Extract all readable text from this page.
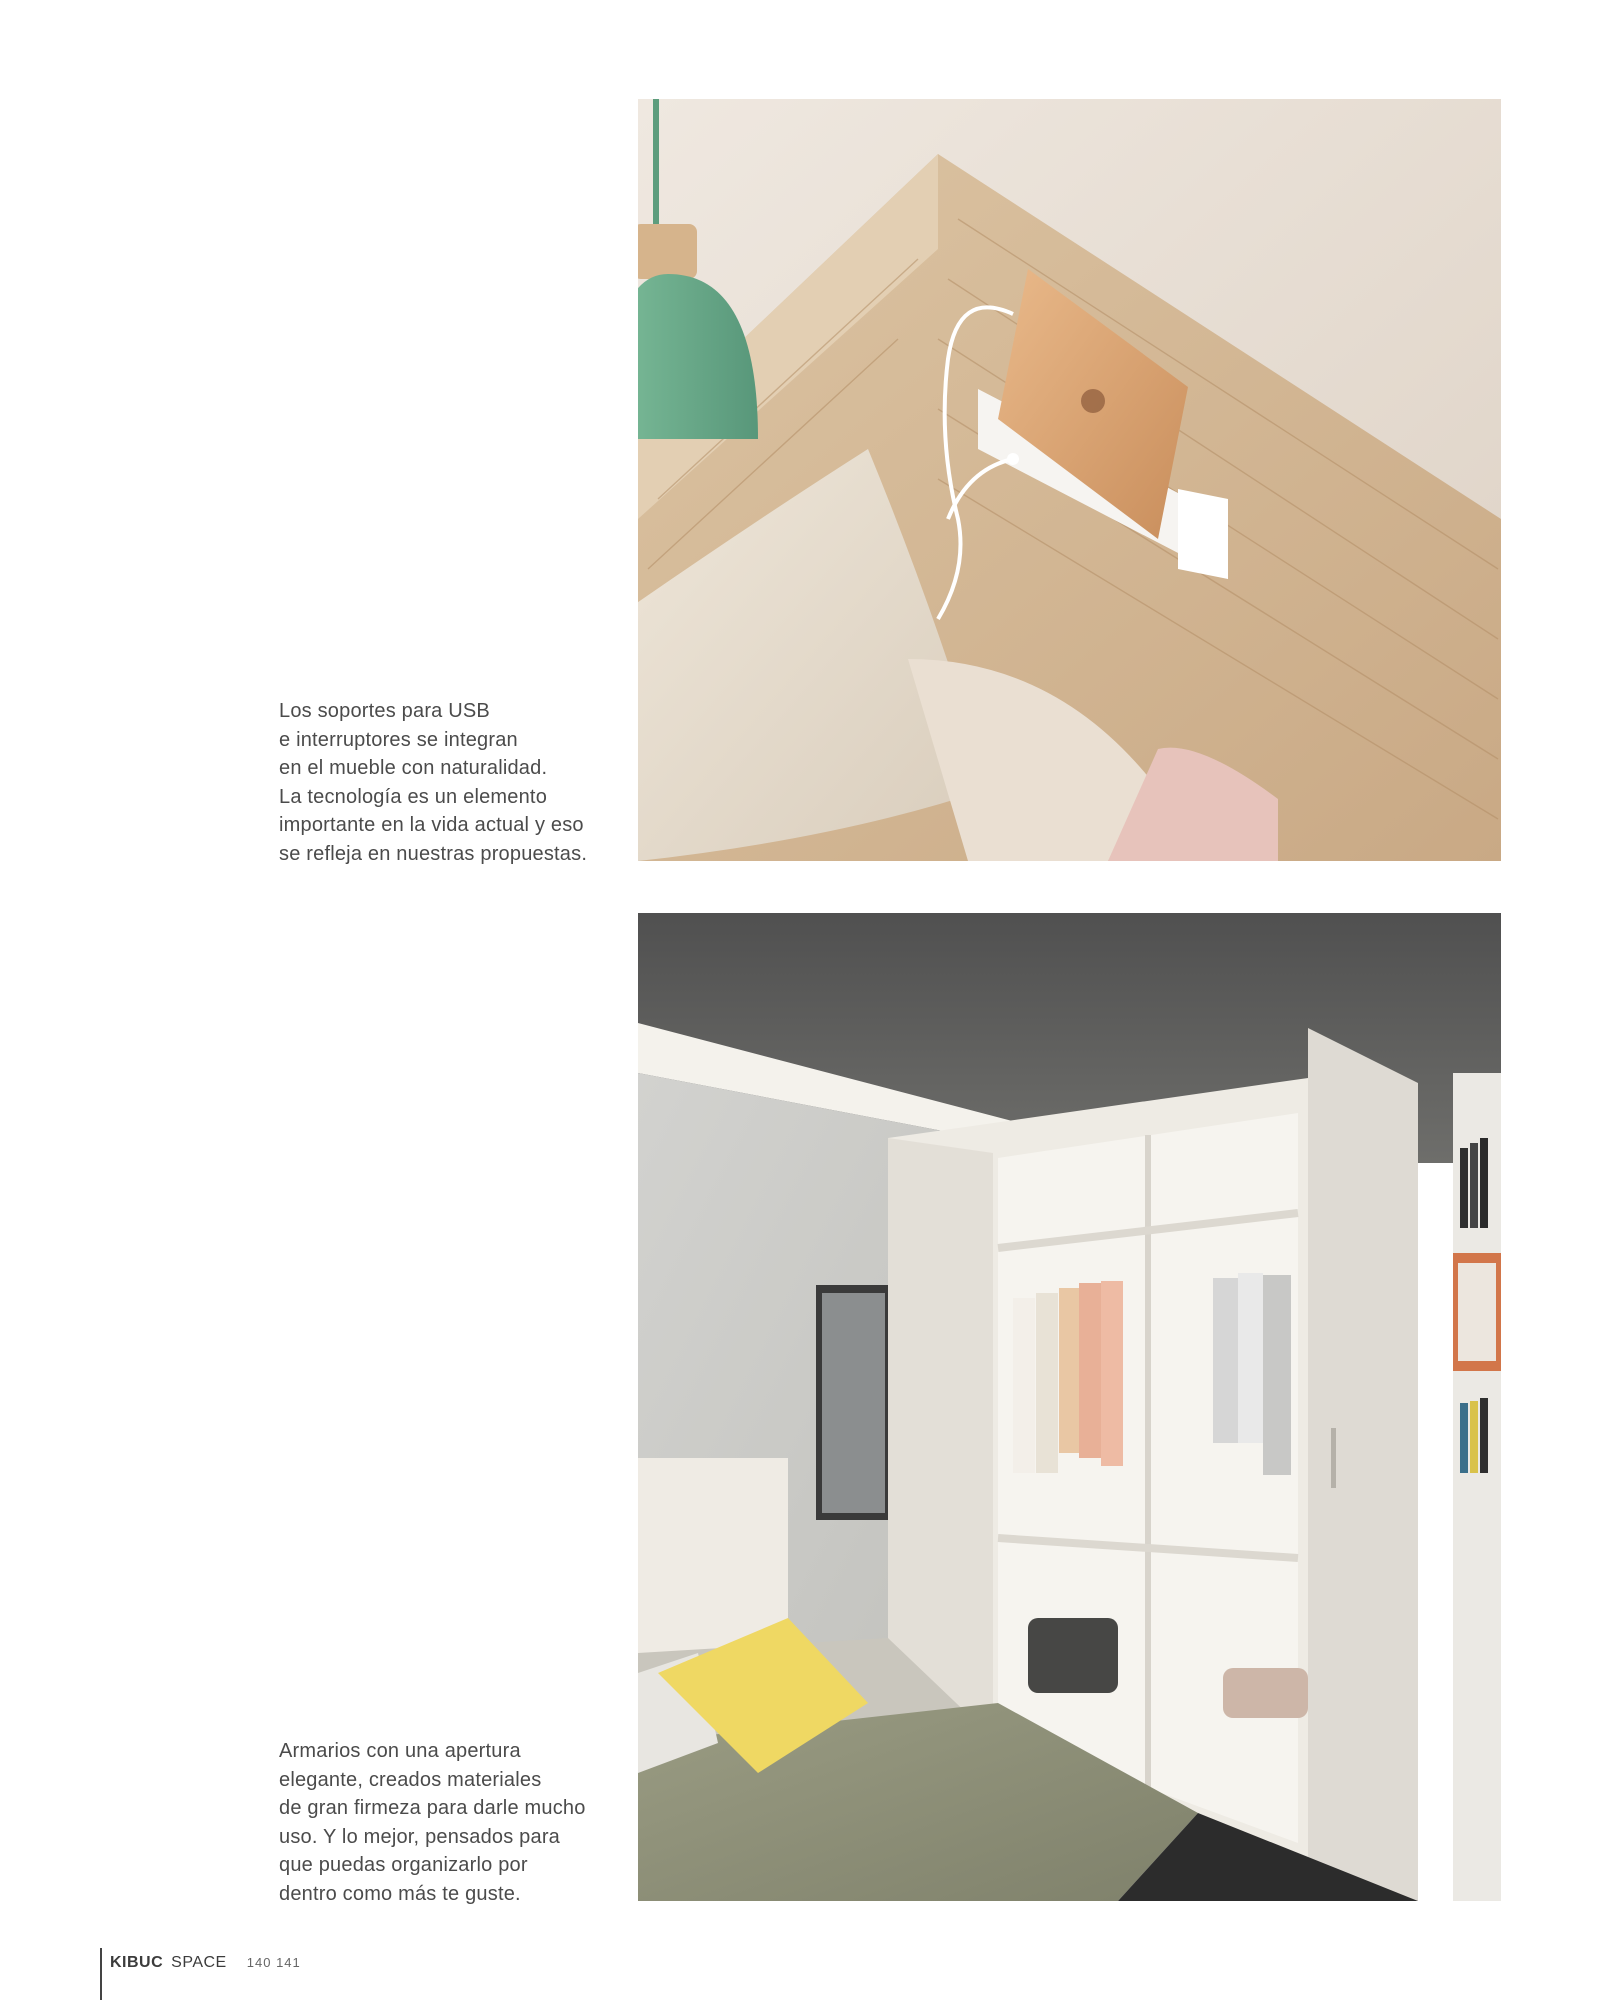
Los soportes para USB
e interruptores se integran
en el mueble con naturalidad.
La tecnología es un elemento
importante en la vida actual y eso
se refleja en nuestras propuestas.
Armarios con una apertura
elegante, creados materiales
de gran firmeza para darle mucho
uso. Y lo mejor, pensados para
que puedas organizarlo por
dentro como más te guste.
KIBUC SPACE 140 141
